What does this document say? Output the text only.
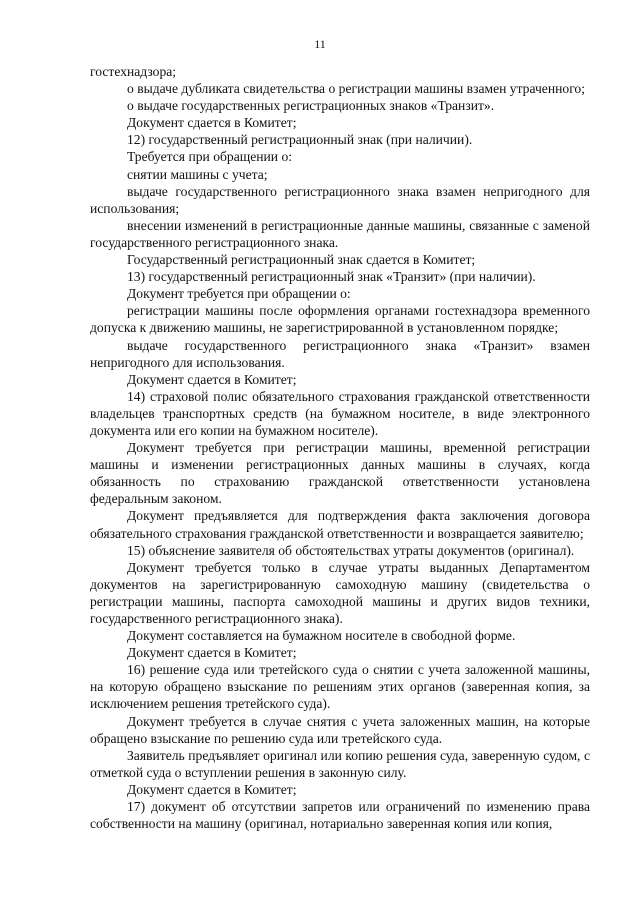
11

гостехнадзора;

о выдаче дубликата свидетельства о регистрации машины взамен утраченного;

о выдаче государственных регистрационных знаков «Транзит».

Документ сдается в Комитет;

12) государственный регистрационный знак (при наличии).

Требуется при обращении о:

снятии машины с учета;

выдаче государственного регистрационного знака взамен непригодного для использования;

внесении изменений в регистрационные данные машины, связанные с заменой государственного регистрационного знака.

Государственный регистрационный знак сдается в Комитет;

13) государственный регистрационный знак «Транзит» (при наличии).

Документ требуется при обращении о:

регистрации машины после оформления органами гостехнадзора временного допуска к движению машины, не зарегистрированной в установленном порядке;

выдаче государственного регистрационного знака «Транзит» взамен непригодного для использования.

Документ сдается в Комитет;

14) страховой полис обязательного страхования гражданской ответственности владельцев транспортных средств (на бумажном носителе, в виде электронного документа или его копии на бумажном носителе).

Документ требуется при регистрации машины, временной регистрации машины и изменении регистрационных данных машины в случаях, когда обязанность по страхованию гражданской ответственности установлена федеральным законом.

Документ предъявляется для подтверждения факта заключения договора обязательного страхования гражданской ответственности и возвращается заявителю;

15) объяснение заявителя об обстоятельствах утраты документов (оригинал).

Документ требуется только в случае утраты выданных Департаментом документов на зарегистрированную самоходную машину (свидетельства о регистрации машины, паспорта самоходной машины и других видов техники, государственного регистрационного знака).

Документ составляется на бумажном носителе в свободной форме.

Документ сдается в Комитет;

16) решение суда или третейского суда о снятии с учета заложенной машины, на которую обращено взыскание по решениям этих органов (заверенная копия, за исключением решения третейского суда).

Документ требуется в случае снятия с учета заложенных машин, на которые обращено взыскание по решению суда или третейского суда.

Заявитель предъявляет оригинал или копию решения суда, заверенную судом, с отметкой суда о вступлении решения в законную силу.

Документ сдается в Комитет;

17) документ об отсутствии запретов или ограничений по изменению права собственности на машину (оригинал, нотариально заверенная копия или копия,
